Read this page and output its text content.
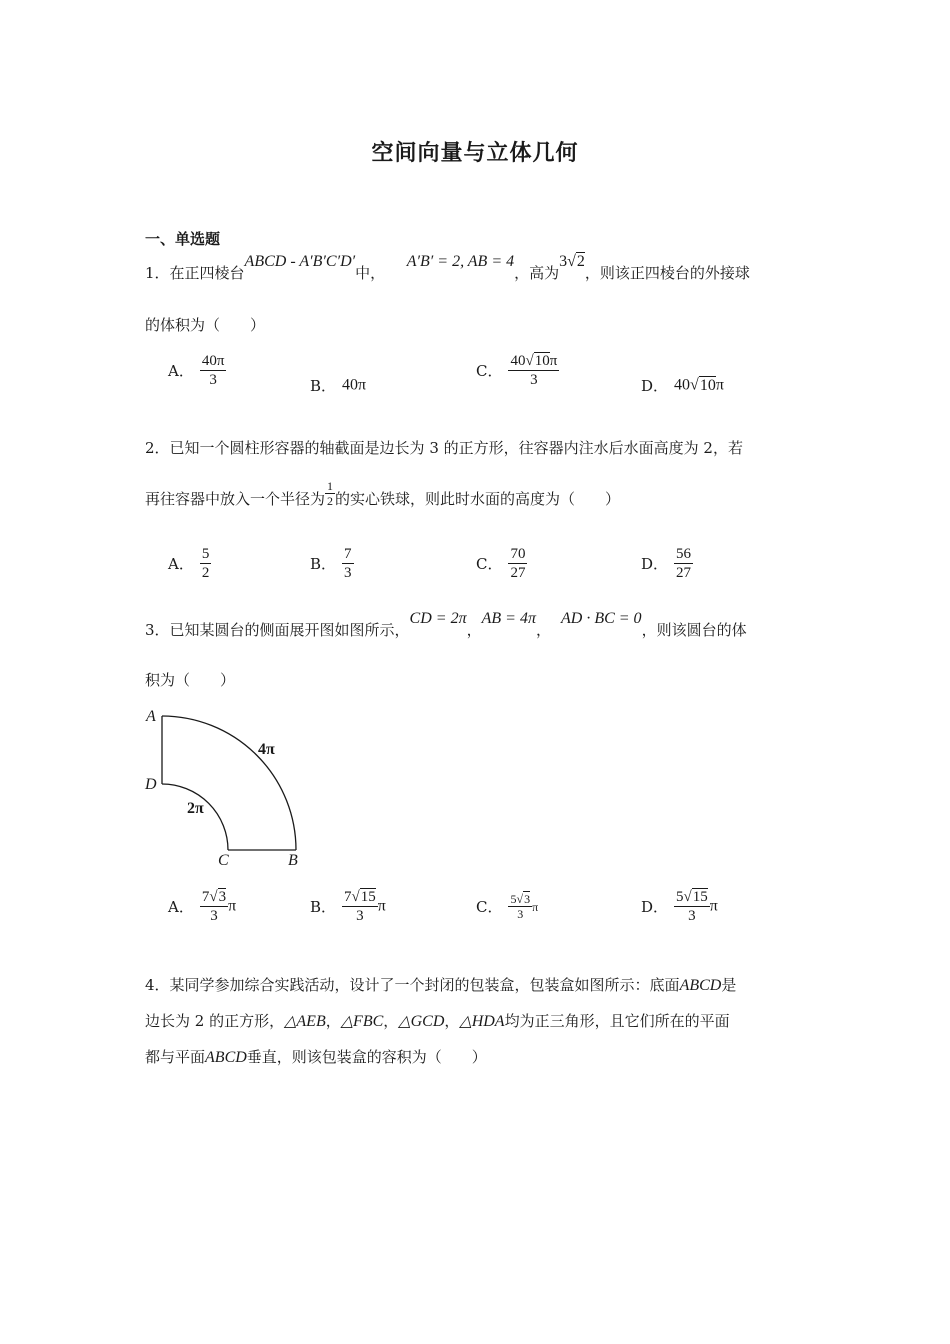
空间向量与立体几何
一、单选题
1．在正四棱台ABCD - A′B′C′D′中，  A′B′ = 2, AB = 4，高为3√2，则该正四棱台的外接球
的体积为（　　）
A． $\frac{40\pi}{3}$	B． 40π
C． $\frac{40√10\pi}{3}$	D． 40√10π
2．已知一个圆柱形容器的轴截面是边长为 3 的正方形，往容器内注水后水面高度为 2，若
再往容器中放入一个半径为 $\frac{1}{2}$ 的实心铁球，则此时水面的高度为（　　）
A． $\frac{5}{2}$	B． $\frac{7}{3}$	C． $\frac{70}{27}$	D． $\frac{56}{27}$
3．已知某圆台的侧面展开图如图所示，CD = 2π，AB = 4π，AD · BC = 0，则该圆台的体
积为（　　）
A
D
C	B
4π
2π
A． $\frac{7√3}{3}$ π	B． $\frac{7√15}{3}$ π	C． $\frac{5√3}{3}$ π	D． $\frac{5√15}{3}$ π
4．某同学参加综合实践活动，设计了一个封闭的包装盒，包装盒如图所示：底面ABCD是
边长为 2 的正方形，△AEB，△FBC，△GCD，△HDA均为正三角形，且它们所在的平面
都与平面ABCD垂直，则该包装盒的容积为（　　）
